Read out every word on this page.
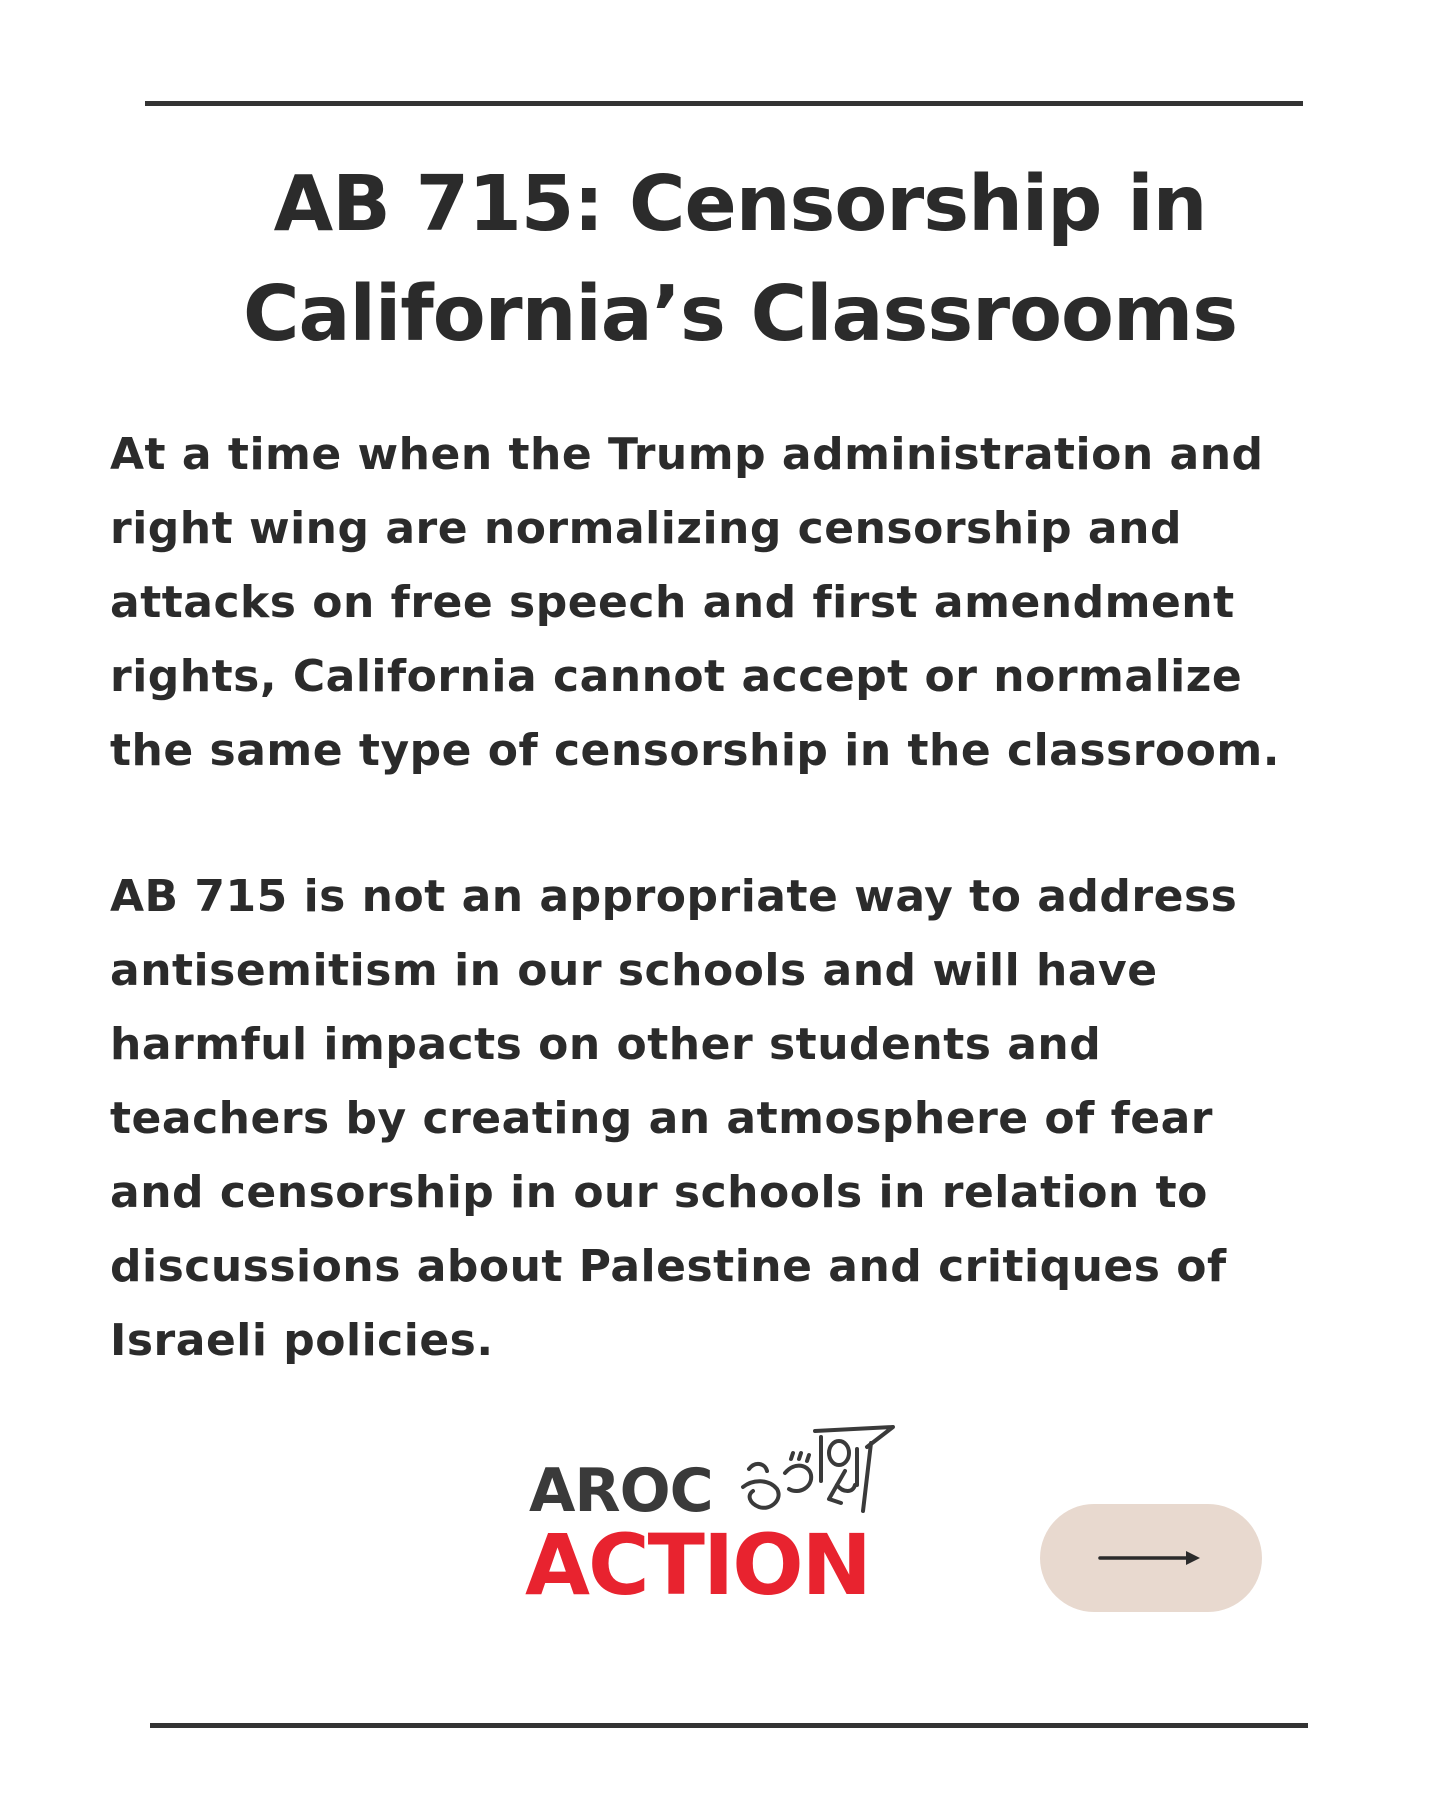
AB 715: Censorship in
California’s Classrooms
At a time when the Trump administration and
right wing are normalizing censorship and
attacks on free speech and first amendment
rights, California cannot accept or normalize
the same type of censorship in the classroom.
AB 715 is not an appropriate way to address
antisemitism in our schools and will have
harmful impacts on other students and
teachers by creating an atmosphere of fear
and censorship in our schools in relation to
discussions about Palestine and critiques of
Israeli policies.
AROC
ACTION
